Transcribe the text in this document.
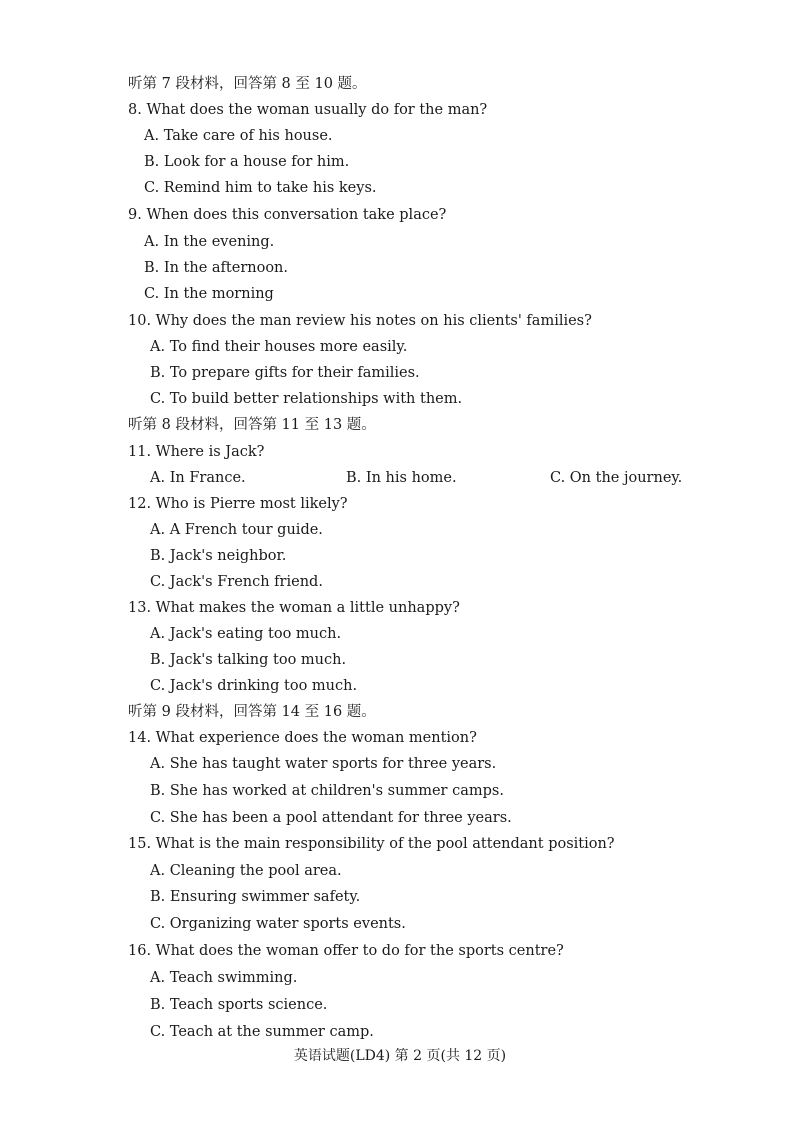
听第 7 段材料，回答第 8 至 10 题。
8. What does the woman usually do for the man?
A. Take care of his house.
B. Look for a house for him.
C. Remind him to take his keys.
9. When does this conversation take place?
A. In the evening.
B. In the afternoon.
C. In the morning
10. Why does the man review his notes on his clients' families?
A. To find their houses more easily.
B. To prepare gifts for their families.
C. To build better relationships with them.
听第 8 段材料，回答第 11 至 13 题。
11. Where is Jack?
A. In France.	B. In his home.	C. On the journey.
12. Who is Pierre most likely?
A. A French tour guide.
B. Jack's neighbor.
C. Jack's French friend.
13. What makes the woman a little unhappy?
A. Jack's eating too much.
B. Jack's talking too much.
C. Jack's drinking too much.
听第 9 段材料，回答第 14 至 16 题。
14. What experience does the woman mention?
A. She has taught water sports for three years.
B. She has worked at children's summer camps.
C. She has been a pool attendant for three years.
15. What is the main responsibility of the pool attendant position?
A. Cleaning the pool area.
B. Ensuring swimmer safety.
C. Organizing water sports events.
16. What does the woman offer to do for the sports centre?
A. Teach swimming.
B. Teach sports science.
C. Teach at the summer camp.
英语试题(LD4) 第 2 页(共 12 页)
